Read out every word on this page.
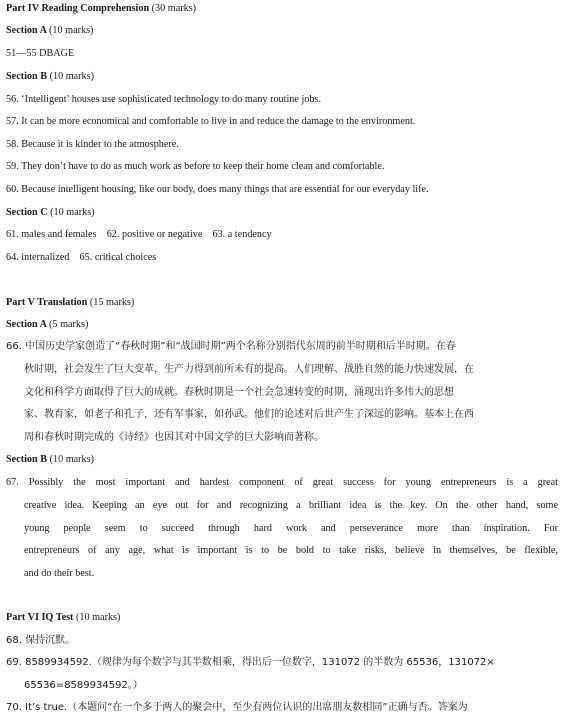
Part IV Reading Comprehension (30 marks)
Section A (10 marks)
51—55 DBAGE
Section B (10 marks)
56. ‘Intelligent’ houses use sophisticated technology to do many routine jobs.
57. It can be more economical and comfortable to live in and reduce the damage to the environment.
58. Because it is kinder to the atmosphere.
59. They don’t have to do as much work as before to keep their home clean and comfortable.
60. Because intelligent housing, like our body, does many things that are essential for our everyday life.
Section C (10 marks)
61. males and females    62. positive or negative    63. a tendency
64. internalized    65. critical choices
Part V Translation (15 marks)
Section A (5 marks)
66. 中国历史学家创造了“春秋时期”和“战国时期”两个名称分别指代东周的前半时期和后半时期。在春
秋时期，社会发生了巨大变革，生产力得到前所未有的提高。人们理解、战胜自然的能力快速发展，在
文化和科学方面取得了巨大的成就。春秋时期是一个社会急速转变的时期，涌现出许多伟大的思想
家、教育家，如老子和孔子，还有军事家，如孙武。他们的论述对后世产生了深远的影响。基本上在西
周和春秋时期完成的《诗经》也因其对中国文学的巨大影响而著称。
Section B (10 marks)
67. Possibly the most important and hardest component of great success for young entrepreneurs is a great
creative idea. Keeping an eye out for and recognizing a brilliant idea is the key. On the other hand, some
young people seem to succeed through hard work and perseverance more than inspiration. For
entrepreneurs of any age, what is important is to be bold to take risks, believe in themselves, be flexible,
and do their best.
Part VI IQ Test (10 marks)
68. 保持沉默。
69. 8589934592.（规律为每个数字与其半数相乘，得出后一位数字，131072 的半数为 65536，131072×
65536=8589934592。）
70. It’s true.（本题问“在一个多于两人的聚会中，至少有两位认识的出席朋友数相同”正确与否。答案为
